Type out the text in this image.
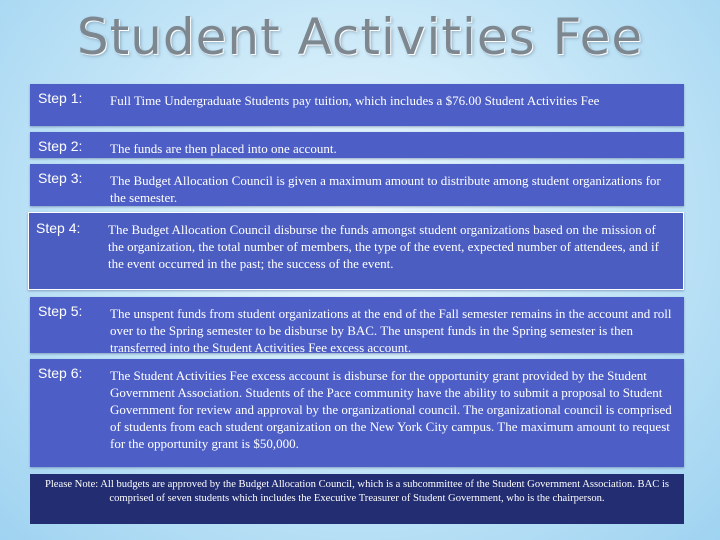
Student Activities Fee
Step 1: Full Time Undergraduate Students pay tuition, which includes a $76.00 Student Activities Fee
Step 2: The funds are then placed into one account.
Step 3: The Budget Allocation Council is given a maximum amount to distribute among student organizations for the semester.
Step 4: The Budget Allocation Council disburse the funds amongst student organizations based on the mission of the organization, the total number of members, the type of the event, expected number of attendees, and if the event occurred in the past; the success of the event.
Step 5: The unspent funds from student organizations at the end of the Fall semester remains in the account and roll over to the Spring semester to be disburse by BAC. The unspent funds in the Spring semester is then transferred into the Student Activities Fee excess account.
Step 6: The Student Activities Fee excess account is disburse for the opportunity grant provided by the Student Government Association. Students of the Pace community have the ability to submit a proposal to Student Government for review and approval by the organizational council. The organizational council is comprised of students from each student organization on the New York City campus. The maximum amount to request for the opportunity grant is $50,000.
Please Note: All budgets are approved by the Budget Allocation Council, which is a subcommittee of the Student Government Association. BAC is comprised of seven students which includes the Executive Treasurer of Student Government, who is the chairperson.
